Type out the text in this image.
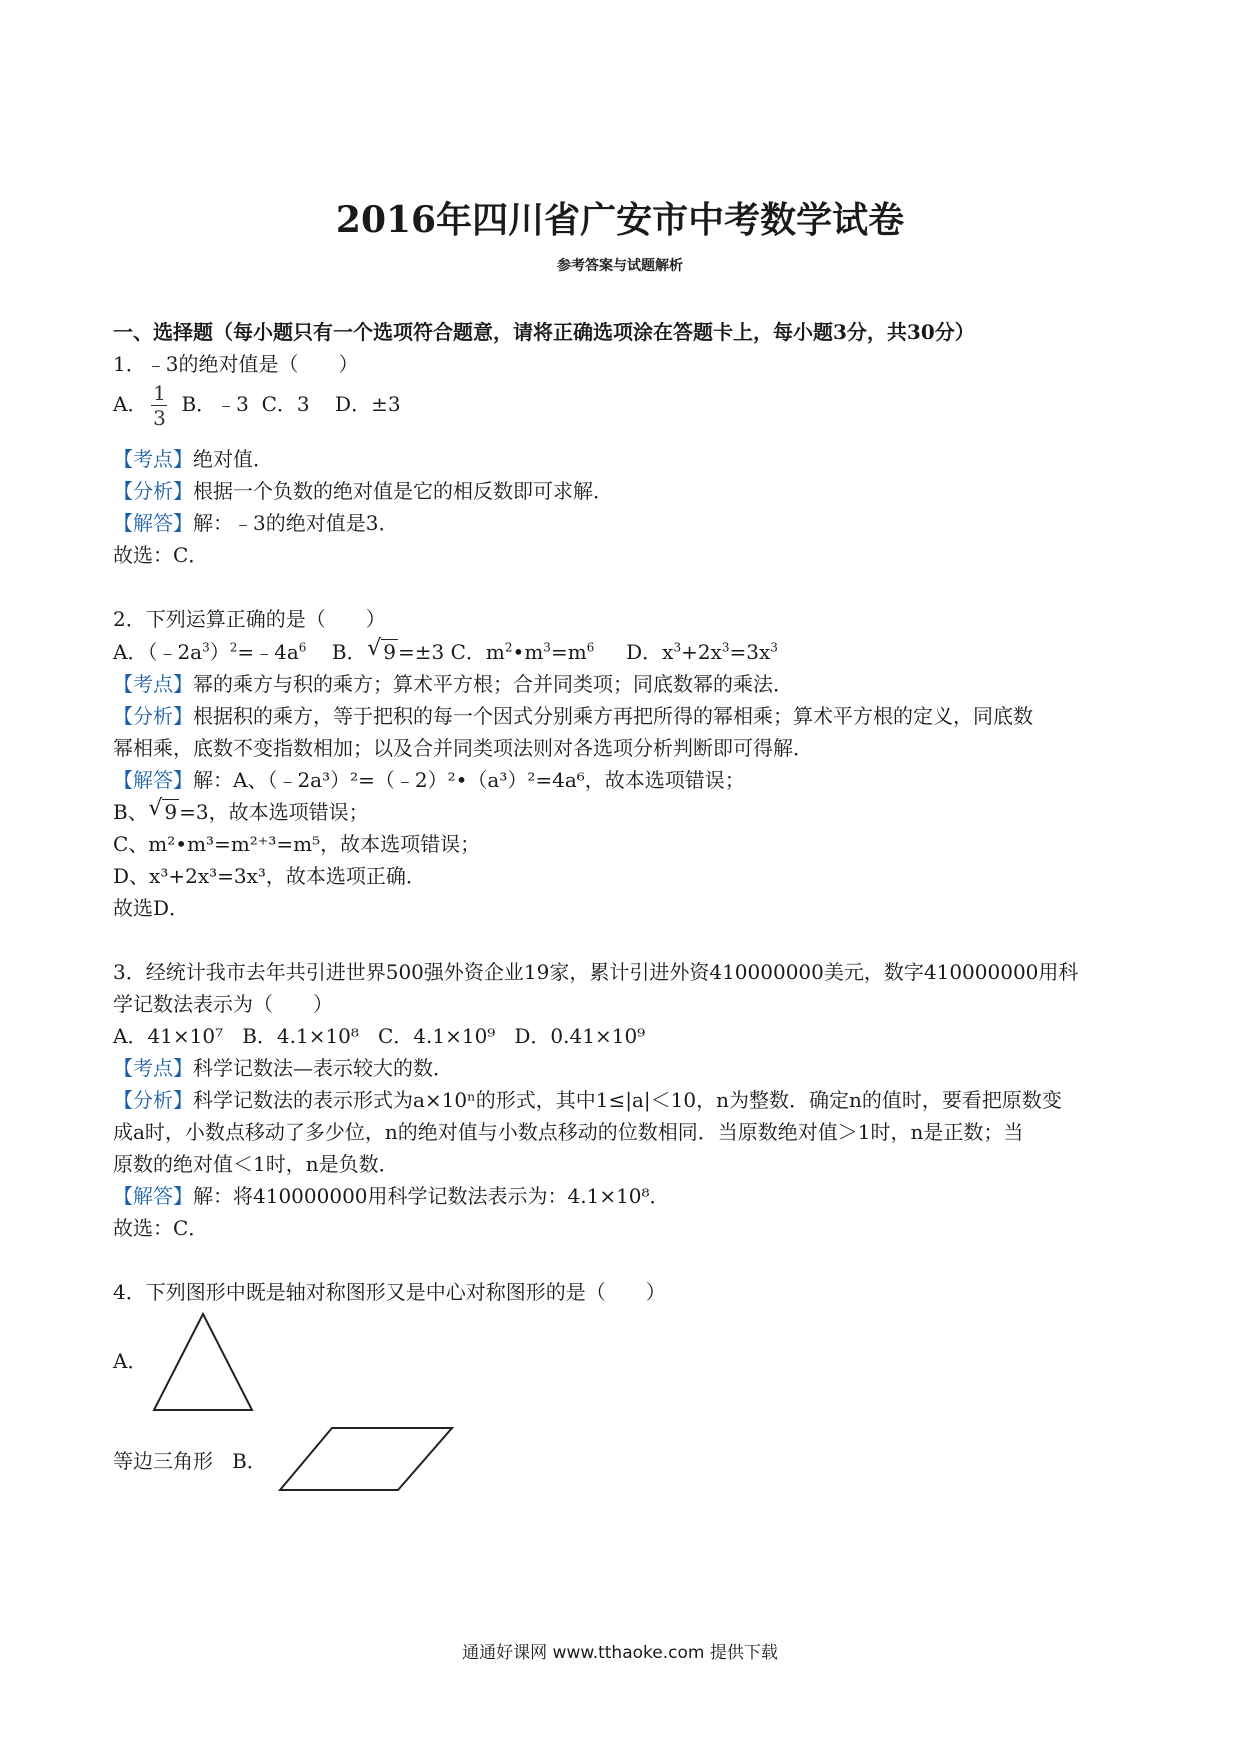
2016年四川省广安市中考数学试卷
参考答案与试题解析
一、选择题（每小题只有一个选项符合题意，请将正确选项涂在答题卡上，每小题3分，共30分）
1．﹣3的绝对值是（　　）
A． $\frac{1}{3}$ B．﹣3  C．3    D．±3
【考点】绝对值．
【分析】根据一个负数的绝对值是它的相反数即可求解．
【解答】解：﹣3的绝对值是3．
故选：C．
2．下列运算正确的是（　　）
A．$(﹣2a^3)^2=﹣4a^6$ B． √ 9 =±3 C．$m^2•m^3=m^6$ D．$x^3+2x^3=3x^3$
【考点】幂的乘方与积的乘方；算术平方根；合并同类项；同底数幂的乘法．
【分析】根据积的乘方，等于把积的每一个因式分别乘方再把所得的幂相乘；算术平方根的定义，同底数
幂相乘，底数不变指数相加；以及合并同类项法则对各选项分析判断即可得解．
【解答】解：A、（﹣2a³）²=（﹣2）²•（a³）²=4a⁶，故本选项错误；
B、 √ 9 =3，故本选项错误；
C、m²•m³=m²⁺³=m⁵，故本选项错误；
D、x³+2x³=3x³，故本选项正确．
故选D．
3．经统计我市去年共引进世界500强外资企业19家，累计引进外资410000000美元，数字410000000用科
学记数法表示为（　　）
A．41×10⁷   B．4.1×10⁸   C．4.1×10⁹   D．0.41×10⁹
【考点】科学记数法—表示较大的数．
【分析】科学记数法的表示形式为a×10ⁿ的形式，其中1≤|a|＜10，n为整数．确定n的值时，要看把原数变
成a时，小数点移动了多少位，n的绝对值与小数点移动的位数相同．当原数绝对值＞1时，n是正数；当
原数的绝对值＜1时，n是负数．
【解答】解：将410000000用科学记数法表示为：4.1×10⁸．
故选：C．
4．下列图形中既是轴对称图形又是中心对称图形的是（　　）
A．
等边三角形 B．
通通好课网 www.tthaoke.com 提供下载
